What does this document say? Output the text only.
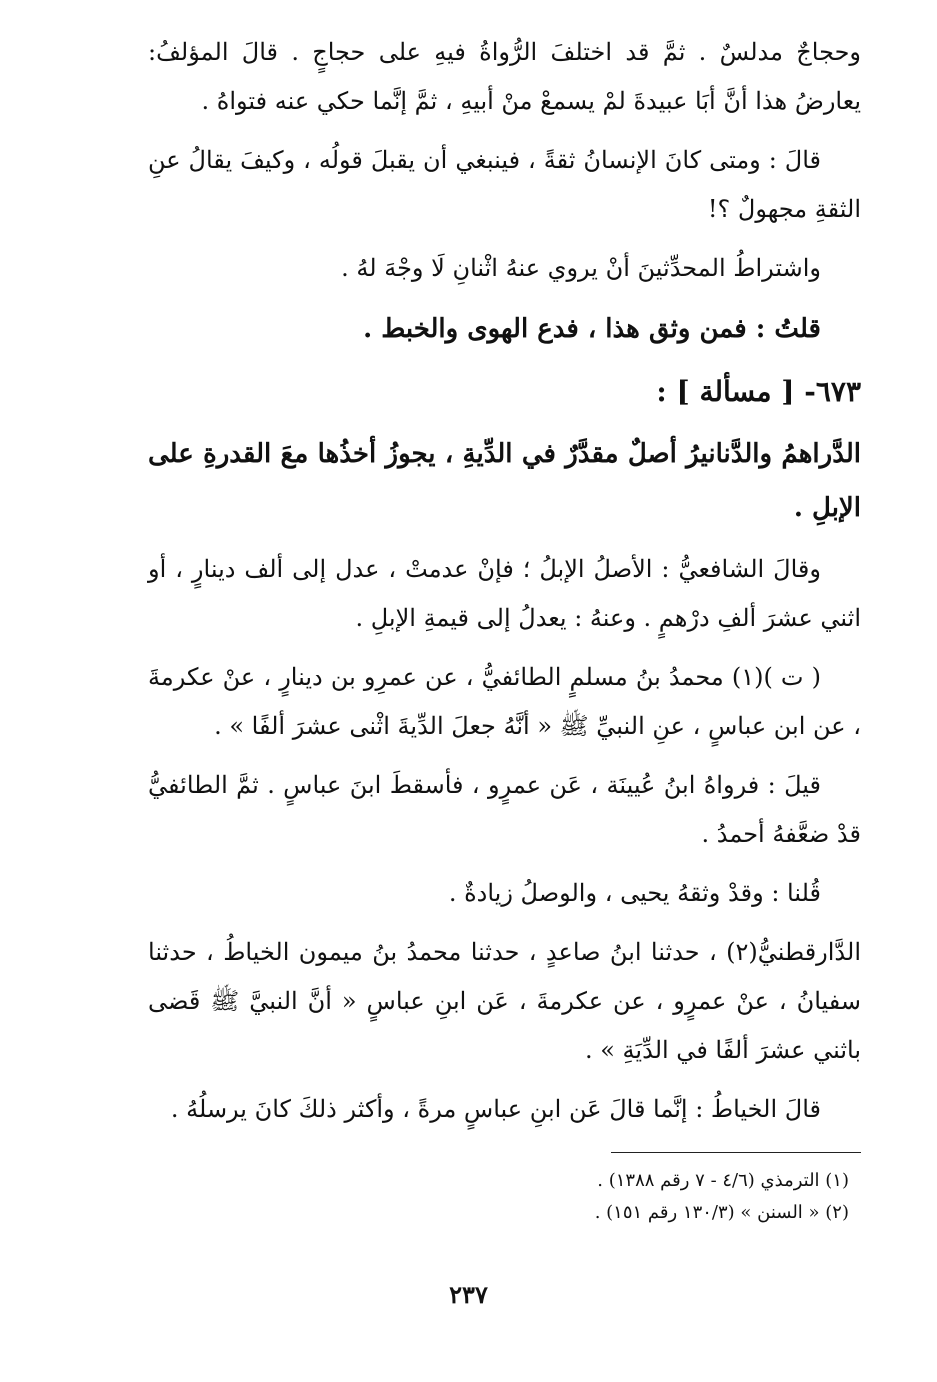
وحجاجٌ مدلسٌ . ثمَّ قد اختلفَ الرُّواةُ فيهِ على حجاجٍ . قالَ المؤلفُ: يعارضُ هذا أنَّ أبَا عبيدةَ لمْ يسمعْ منْ أبيهِ ، ثمَّ إنَّما حكي عنه فتواهُ .

قالَ : ومتى كانَ الإنسانُ ثقةً ، فينبغي أن يقبلَ قولُه ، وكيفَ يقالُ عنِ الثقةِ مجهولٌ ؟!

واشتراطُ المحدِّثينَ أنْ يروي عنهُ اثْنانِ لَا وجْهَ لهُ .

قلتُ : فمن وثق هذا ، فدع الهوى والخبط .

٦٧٣- [ مسألة ] :

الدَّراهمُ والدَّنانيرُ أصلٌ مقدَّرٌ في الدِّيةِ ، يجوزُ أخذُها معَ القدرةِ على الإبلِ .

وقالَ الشافعيُّ : الأصلُ الإبلُ ؛ فإنْ عدمتْ ، عدل إلى ألف دينارٍ ، أو اثني عشرَ ألفِ درْهمٍ . وعنهُ : يعدلُ إلى قيمةِ الإبلِ .

( ت )(١) محمدُ بنُ مسلمٍ الطائفيُّ ، عن عمرِو بن دينارٍ ، عنْ عكرمةَ ، عن ابن عباسٍ ، عنِ النبيِّ ﷺ « أنَّهُ جعلَ الدِّيةَ اثْنى عشرَ ألفًا » .

قيلَ : فرواهُ ابنُ عُيينَة ، عَن عمرٍو ، فأسقطَ ابنَ عباسٍ . ثمَّ الطائفيُّ قدْ ضعَّفهُ أحمدُ .

قُلنا : وقدْ وثقهُ يحيى ، والوصلُ زيادةٌ .

الدَّارقطنيُّ(٢) ، حدثنا ابنُ صاعدٍ ، حدثنا محمدُ بنُ ميمون الخياطُ ، حدثنا سفيانُ ، عنْ عمرٍو ، عن عكرمةَ ، عَن ابنِ عباسٍ « أنَّ النبيَّ ﷺ قَضى باثني عشرَ ألفًا في الدِّيَةِ » .

قالَ الخياطُ : إنَّما قالَ عَن ابنِ عباسٍ مرةً ، وأكثر ذلكَ كانَ يرسلُهُ .

(١) الترمذي (٤/٦ - ٧ رقم ١٣٨٨) .

(٢) « السنن » (١٣٠/٣ رقم ١٥١) .

٢٣٧
